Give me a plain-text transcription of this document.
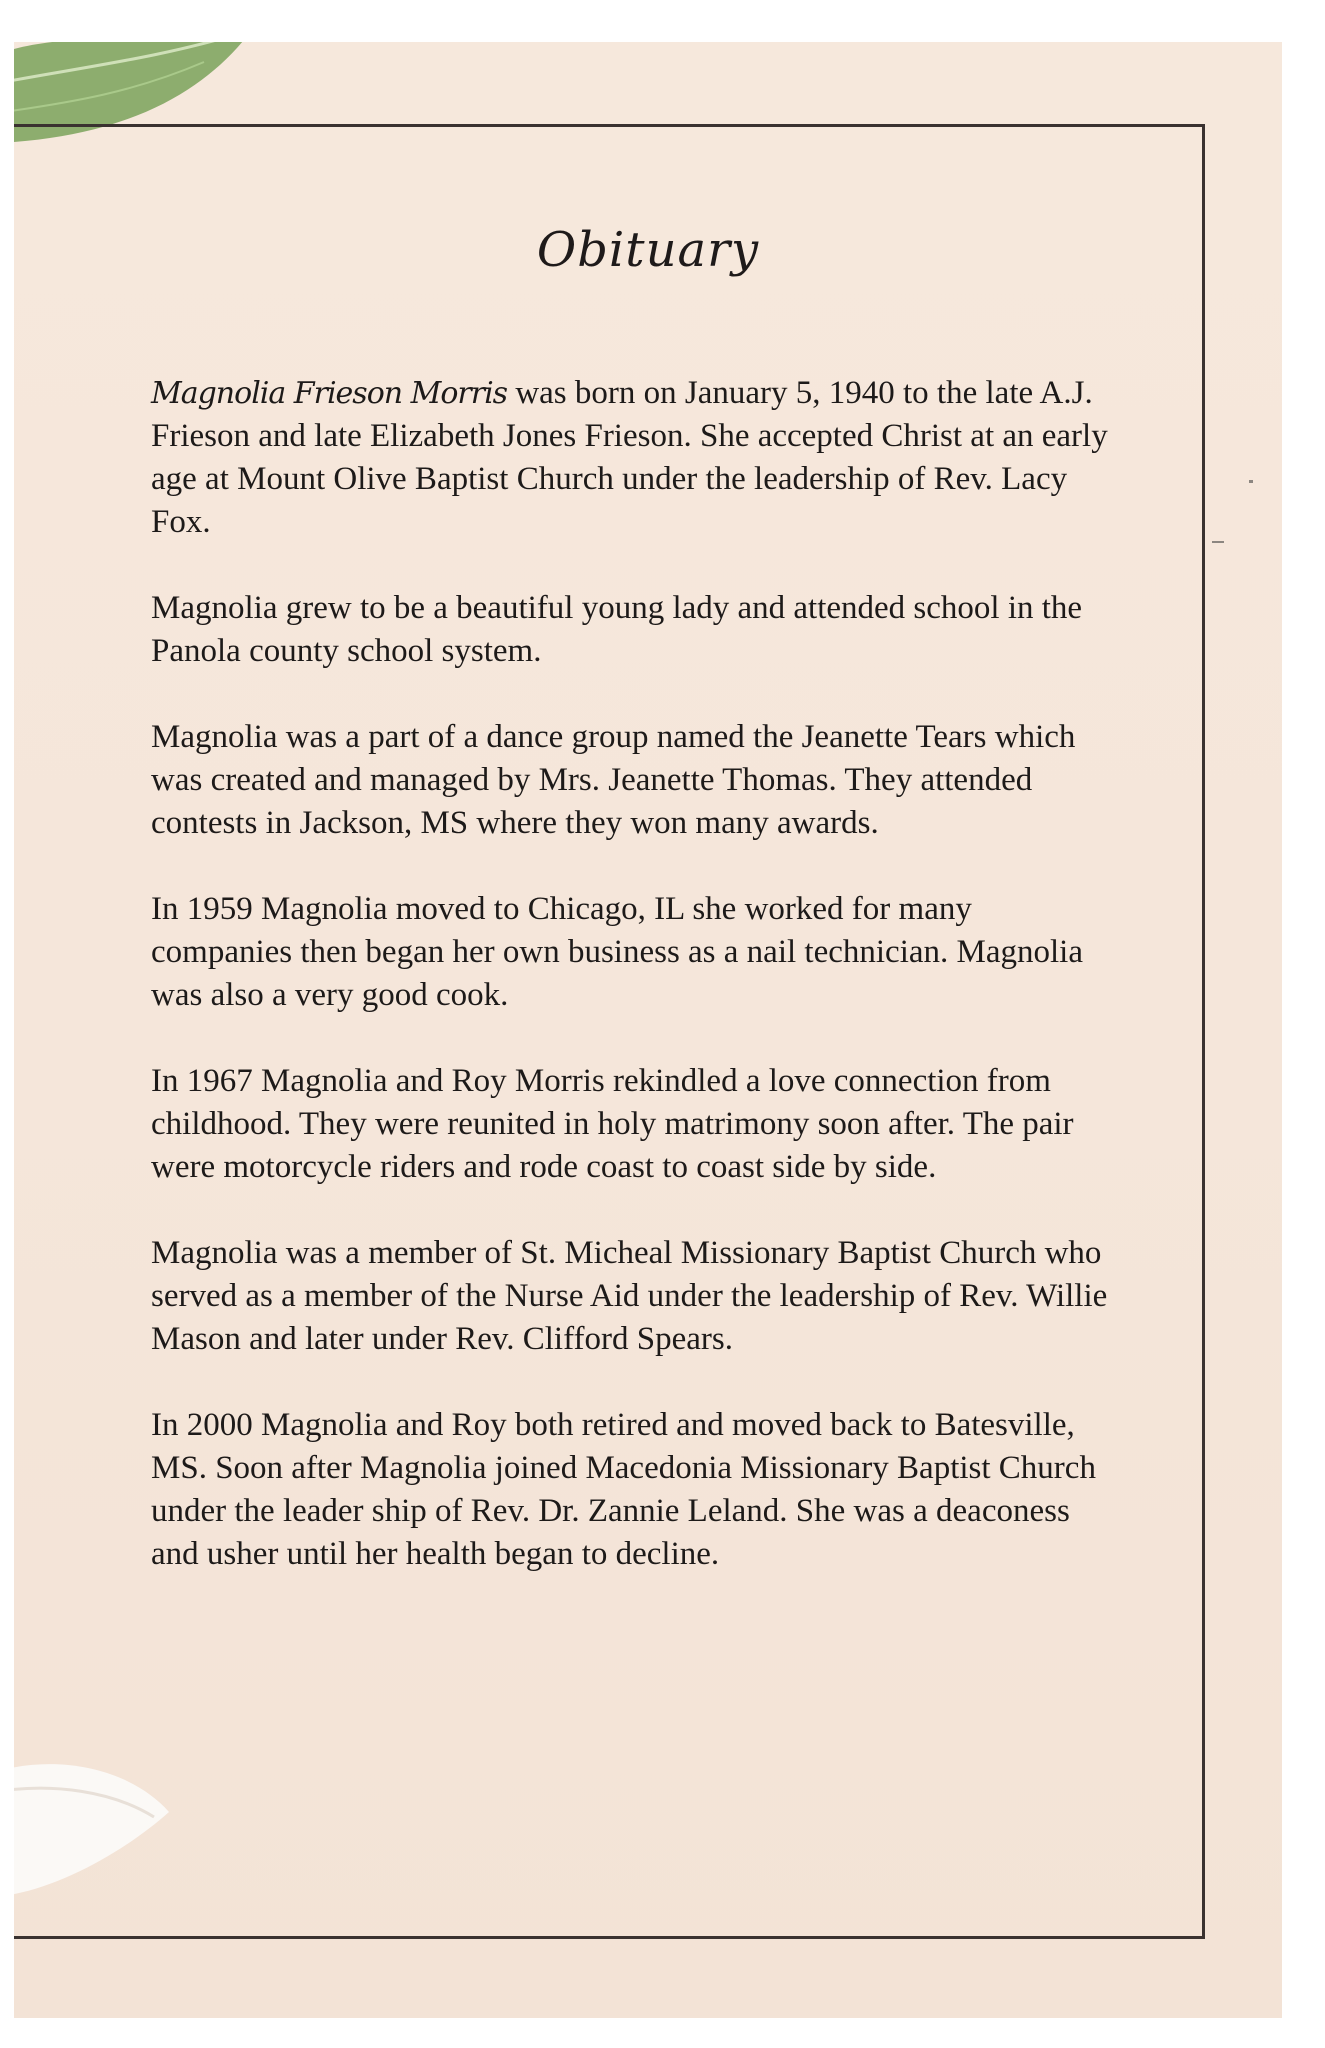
Obituary

Magnolia Frieson Morris was born on January 5, 1940 to the late A.J. Frieson and late Elizabeth Jones Frieson. She accepted Christ at an early age at Mount Olive Baptist Church under the leadership of Rev. Lacy Fox.

Magnolia grew to be a beautiful young lady and attended school in the Panola county school system.

Magnolia was a part of a dance group named the Jeanette Tears which was created and managed by Mrs. Jeanette Thomas. They attended contests in Jackson, MS where they won many awards.

In 1959 Magnolia moved to Chicago, IL she worked for many companies then began her own business as a nail technician. Magnolia was also a very good cook.

In 1967 Magnolia and Roy Morris rekindled a love connection from childhood. They were reunited in holy matrimony soon after. The pair were motorcycle riders and rode coast to coast side by side.

Magnolia was a member of St. Micheal Missionary Baptist Church who served as a member of the Nurse Aid under the leadership of Rev. Willie Mason and later under Rev. Clifford Spears.

In 2000 Magnolia and Roy both retired and moved back to Batesville, MS. Soon after Magnolia joined Macedonia Missionary Baptist Church under the leader ship of Rev. Dr. Zannie Leland. She was a deaconess and usher until her health began to decline.
